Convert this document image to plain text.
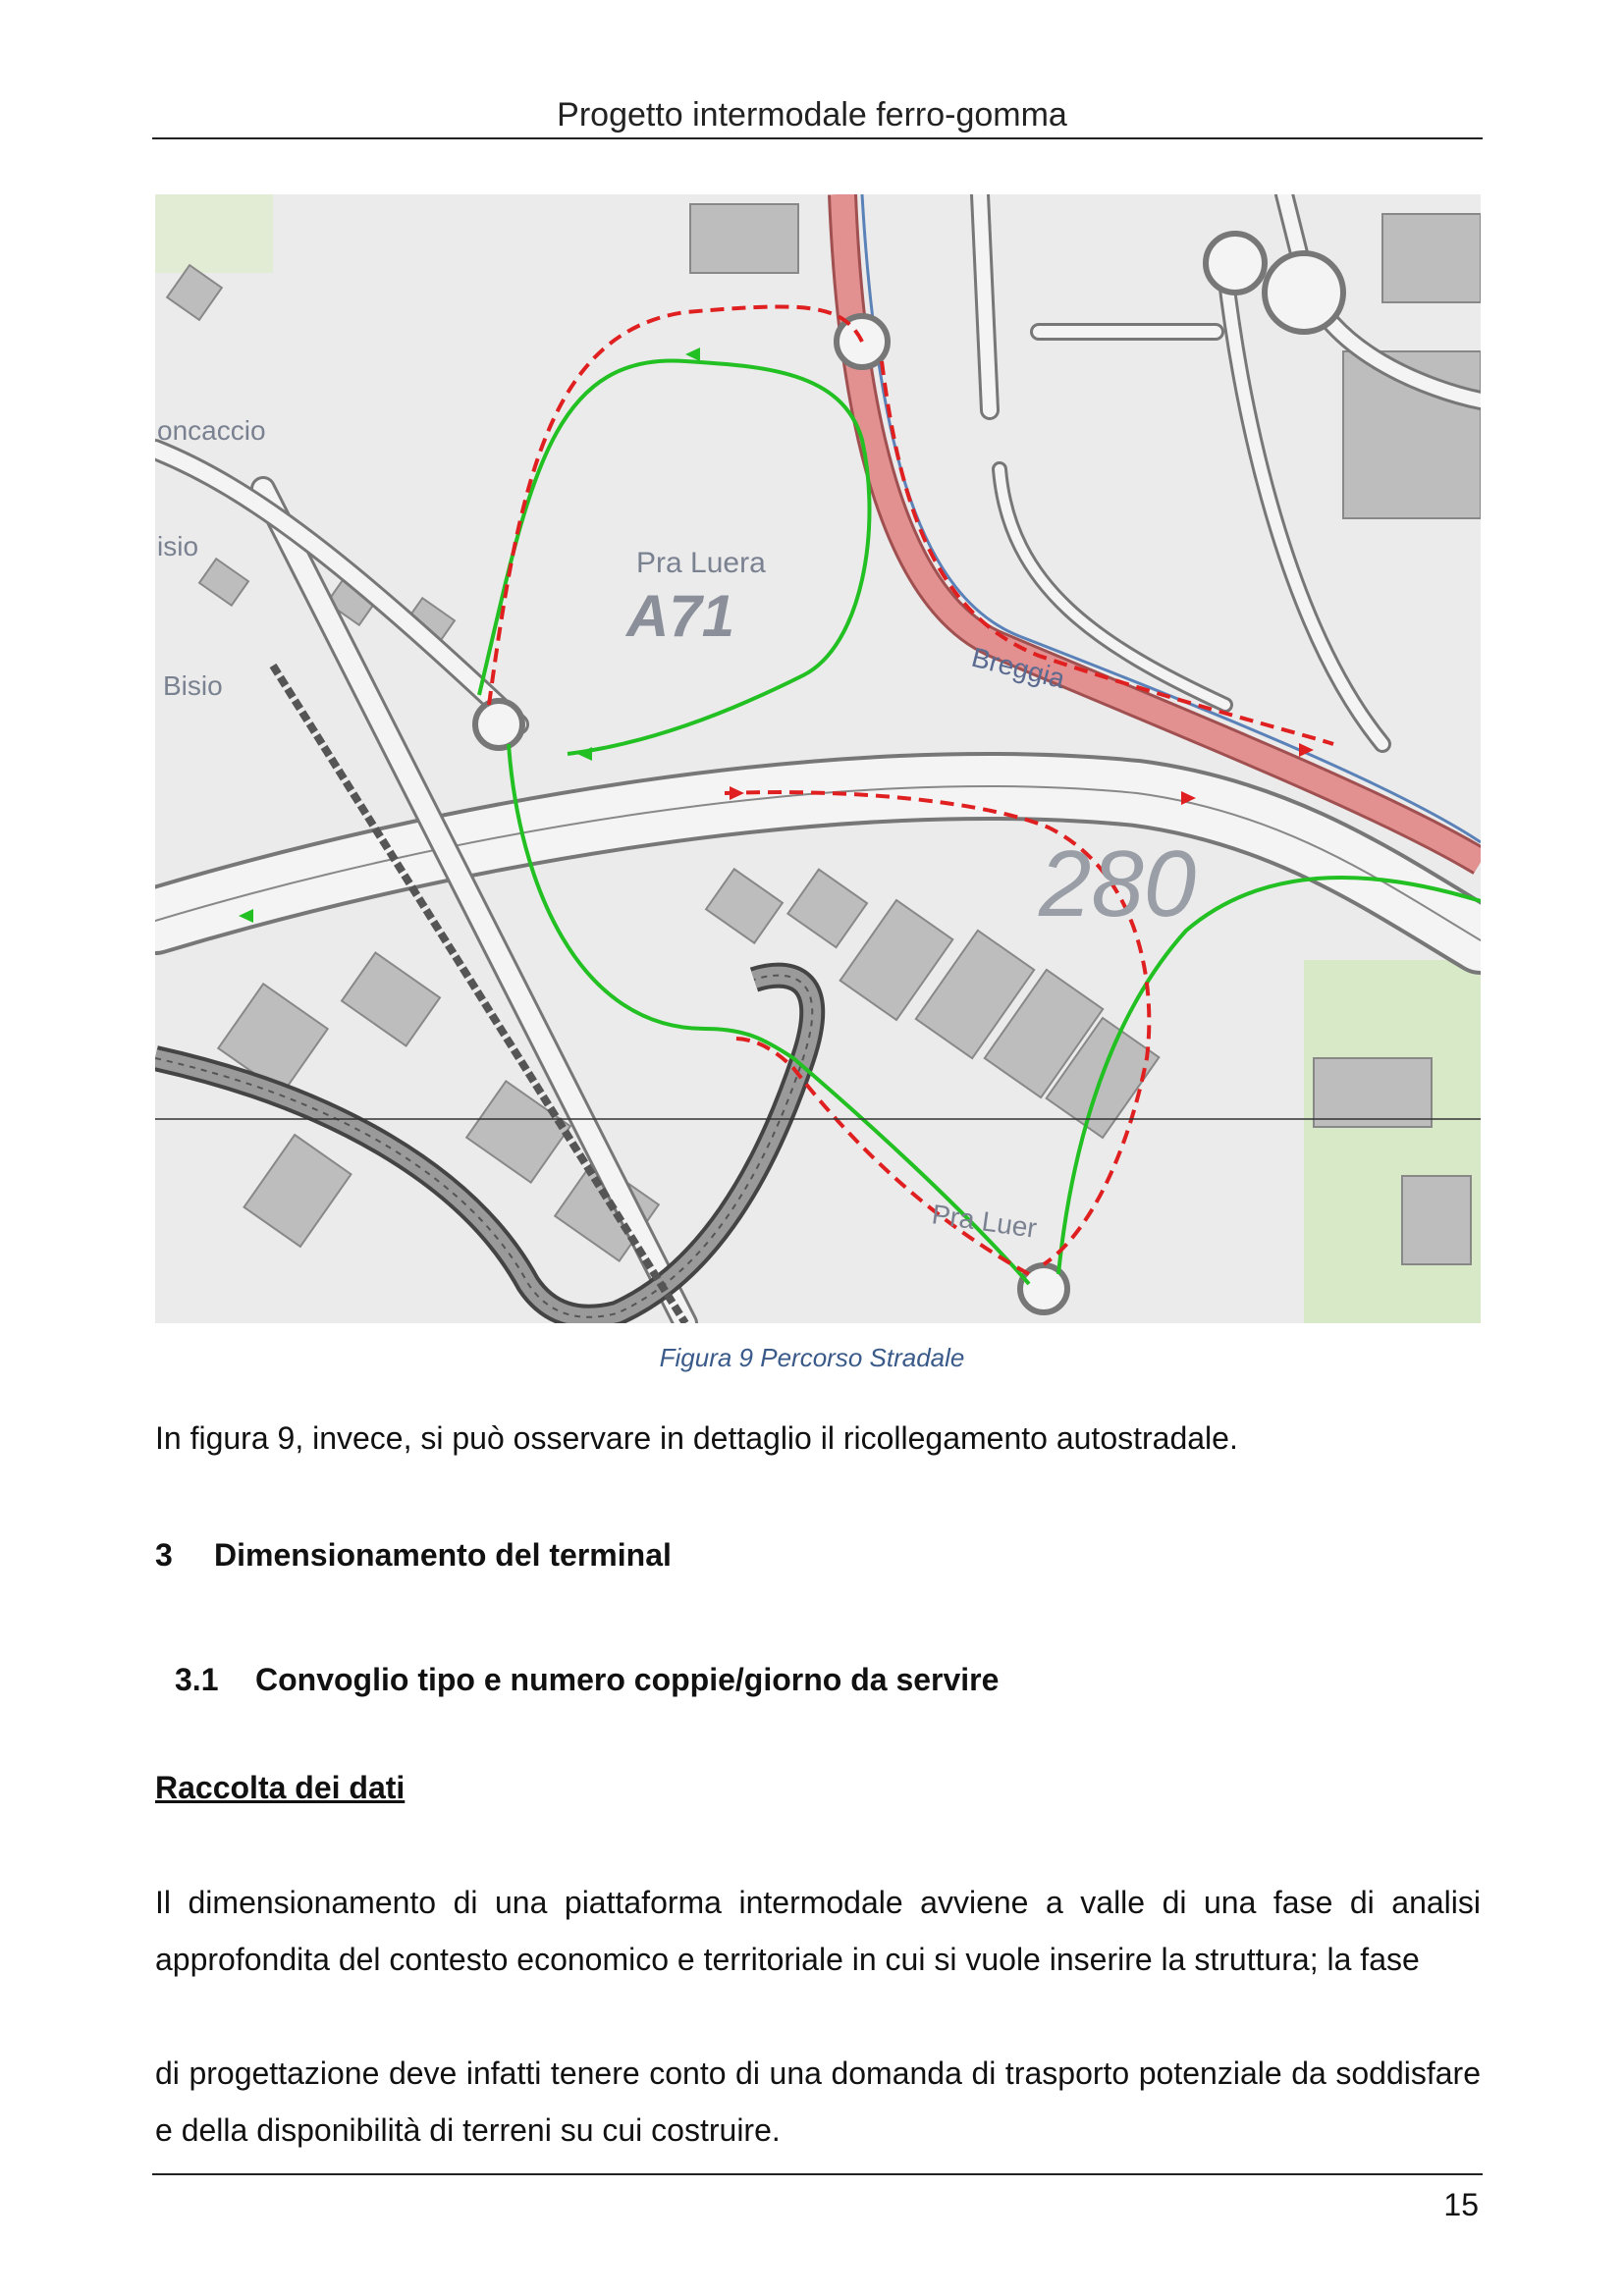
Progetto intermodale ferro-gomma
oncaccio
isio
Bisio
Pra Luera
A71
Breggia
280
Pra Luer
Figura 9 Percorso Stradale
In figura 9, invece, si può osservare in dettaglio il ricollegamento autostradale.
3 Dimensionamento del terminal
3.1 Convoglio tipo e numero coppie/giorno da servire
Raccolta dei dati
Il dimensionamento di una piattaforma intermodale avviene a valle di una fase di analisi approfondita del contesto economico e territoriale in cui si vuole inserire la struttura; la fase
di progettazione deve infatti tenere conto di una domanda di trasporto potenziale da soddisfare e della disponibilità di terreni su cui costruire.
15
